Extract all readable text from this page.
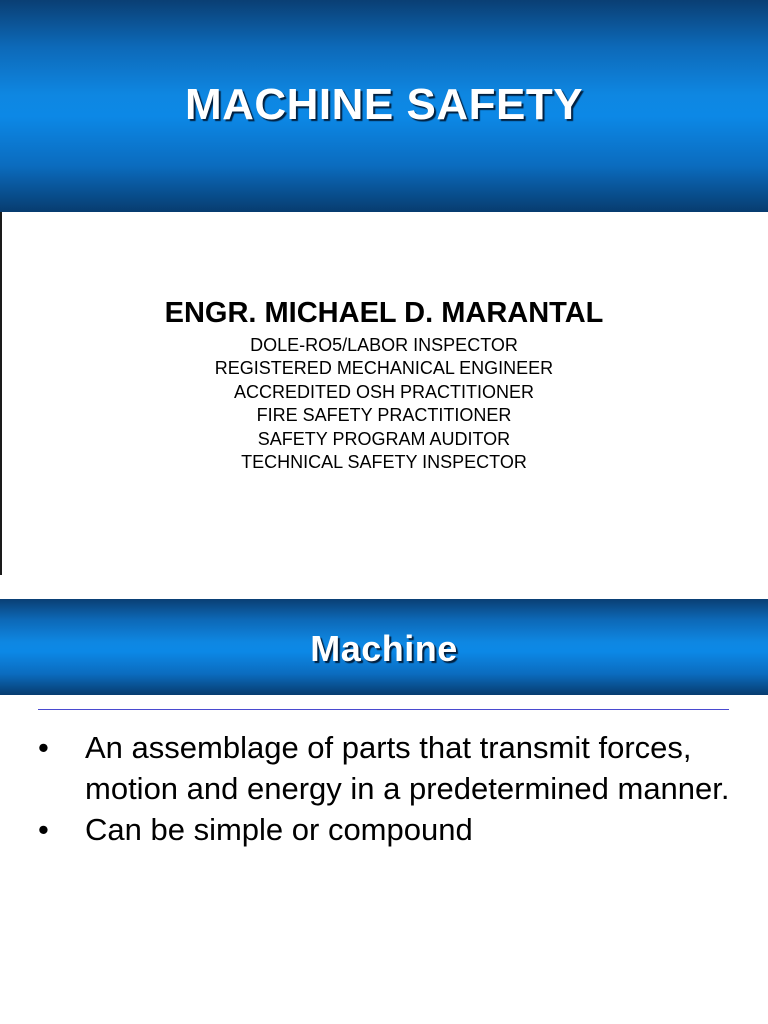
MACHINE SAFETY

ENGR. MICHAEL D. MARANTAL

DOLE-RO5/LABOR INSPECTOR
REGISTERED MECHANICAL ENGINEER
ACCREDITED OSH PRACTITIONER
FIRE SAFETY PRACTITIONER
SAFETY PROGRAM AUDITOR
TECHNICAL SAFETY INSPECTOR
Machine
•	An assemblage of parts that transmit forces, motion and energy in a predetermined manner.
•	Can be simple or compound
